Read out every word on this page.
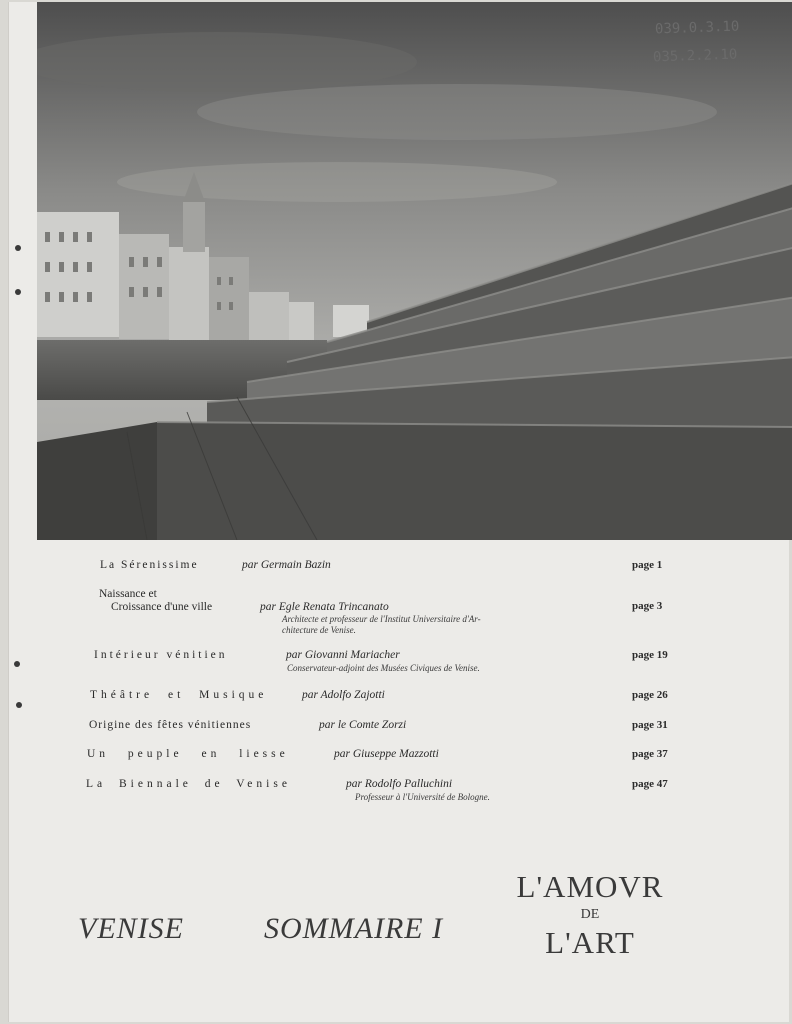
039.0.3.10
035.2.2.10
La Sérenissime	par Germain Bazin	page 1
Naissance et
Croissance d'une ville	par Egle Renata Trincanato
Architecte et professeur de l'Institut Universitaire d'Ar-
chitecture de Venise.
page 3
Intérieur vénitien	par Giovanni Mariacher
Conservateur-adjoint des Musées Civiques de Venise.
page 19
Théâtre et Musique	par Adolfo Zajotti	page 26
Origine des fêtes vénitiennes	par le Comte Zorzi	page 31
Un peuple en liesse	par Giuseppe Mazzotti	page 37
La Biennale de Venise	par Rodolfo Palluchini
Professeur à l'Université de Bologne.
page 47
VENISE	SOMMAIRE I
L'AMOVR
DE
L'ART
